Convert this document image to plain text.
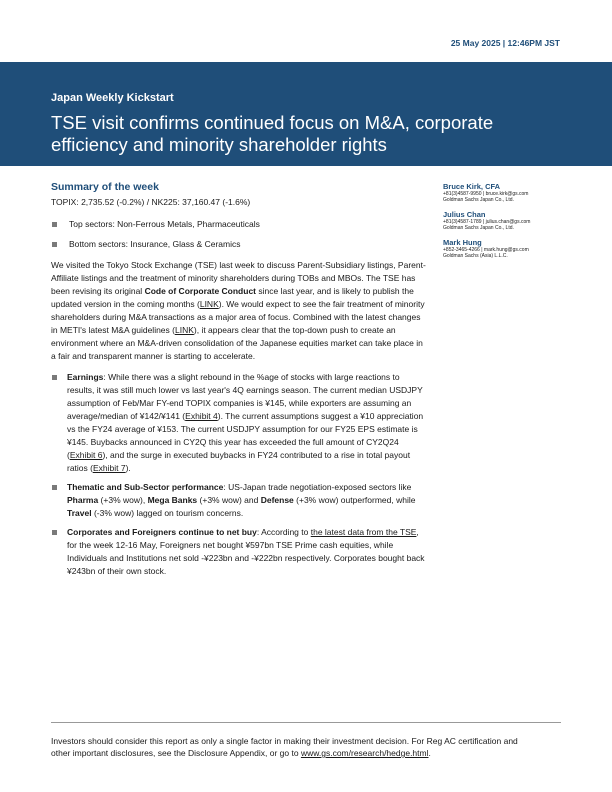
25 May 2025 | 12:46PM JST
Japan Weekly Kickstart
TSE visit confirms continued focus on M&A, corporate efficiency and minority shareholder rights
Summary of the week
TOPIX: 2,735.52 (-0.2%) / NK225: 37,160.47 (-1.6%)
Top sectors: Non-Ferrous Metals, Pharmaceuticals
Bottom sectors: Insurance, Glass & Ceramics

We visited the Tokyo Stock Exchange (TSE) last week to discuss Parent-Subsidiary listings, Parent-Affiliate listings and the treatment of minority shareholders during TOBs and MBOs. The TSE has been revising its original Code of Corporate Conduct since last year, and is likely to publish the updated version in the coming months (LINK). We would expect to see the fair treatment of minority shareholders during M&A transactions as a major area of focus. Combined with the latest changes in METI's latest M&A guidelines (LINK), it appears clear that the top-down push to create an environment where an M&A-driven consolidation of the Japanese equities market can take place in a fair and transparent manner is starting to accelerate.

Earnings: While there was a slight rebound in the %age of stocks with large reactions to results, it was still much lower vs last year's 4Q earnings season. The current median USDJPY assumption of Feb/Mar FY-end TOPIX companies is ¥145, while exporters are assuming an average/median of ¥142/¥141 (Exhibit 4). The current assumptions suggest a ¥10 appreciation vs the FY24 average of ¥153. The current USDJPY assumption for our FY25 EPS estimate is ¥145. Buybacks announced in CY2Q this year has exceeded the full amount of CY2Q24 (Exhibit 6), and the surge in executed buybacks in FY24 contributed to a rise in total payout ratios (Exhibit 7).
Thematic and Sub-Sector performance: US-Japan trade negotiation-exposed sectors like Pharma (+3% wow), Mega Banks (+3% wow) and Defense (+3% wow) outperformed, while Travel (-3% wow) lagged on tourism concerns.
Corporates and Foreigners continue to net buy: According to the latest data from the TSE, for the week 12-16 May, Foreigners net bought ¥597bn TSE Prime cash equities, while Individuals and Institutions net sold -¥223bn and -¥222bn respectively. Corporates bought back ¥243bn of their own stock.
Bruce Kirk, CFA
+81(3)4587-9950 | bruce.kirk@gs.com
Goldman Sachs Japan Co., Ltd.
Julius Chan
+81(3)4587-1789 | julius.chan@gs.com
Goldman Sachs Japan Co., Ltd.
Mark Hung
+852-3465-4266 | mark.hung@gs.com
Goldman Sachs (Asia) L.L.C.
Investors should consider this report as only a single factor in making their investment decision. For Reg AC certification and other important disclosures, see the Disclosure Appendix, or go to www.gs.com/research/hedge.html.
